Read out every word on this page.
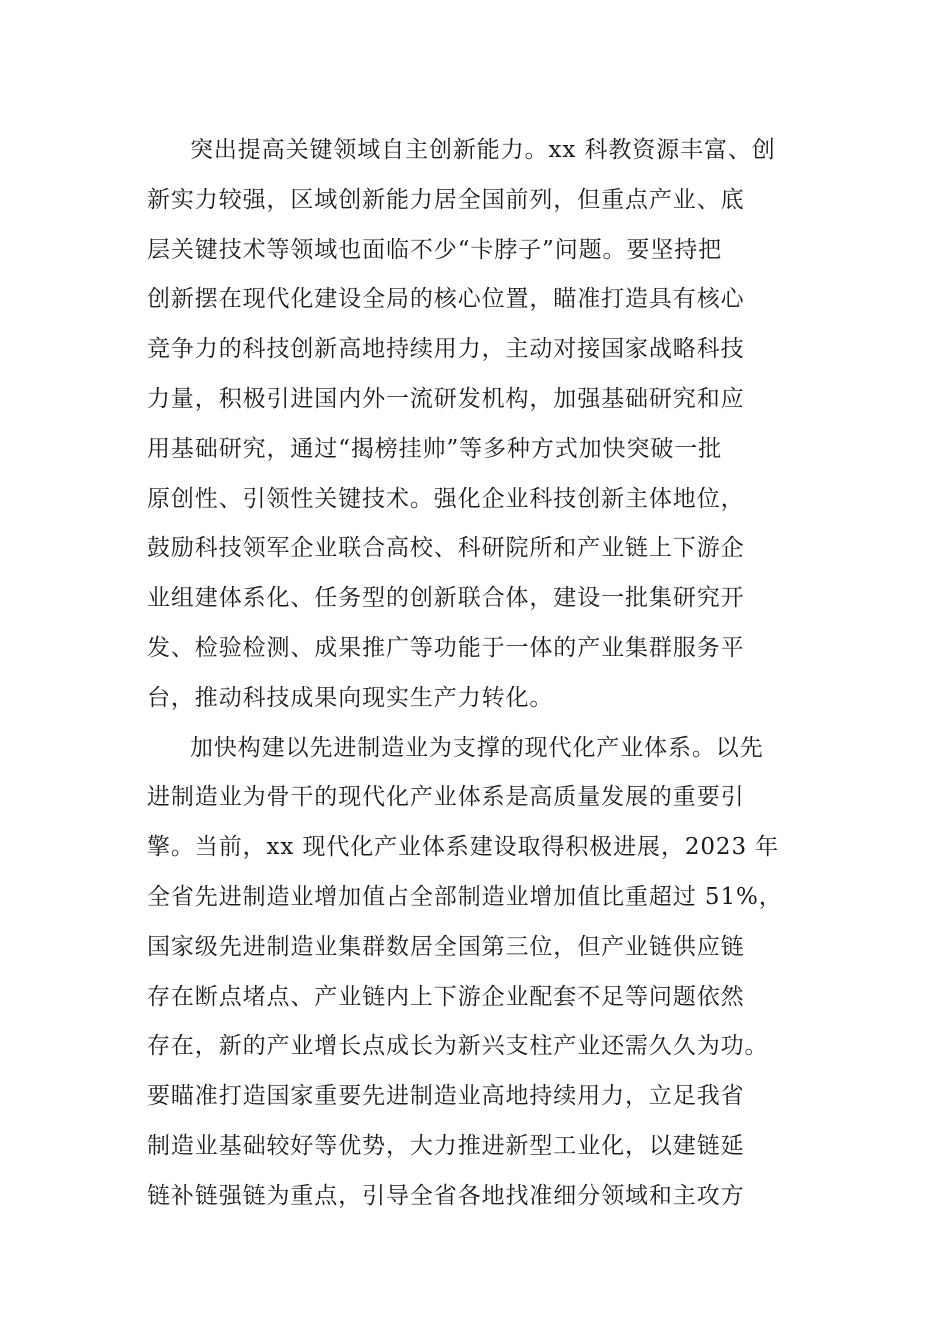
突出提高关键领域自主创新能力。xx 科教资源丰富、创
新实力较强，区域创新能力居全国前列，但重点产业、底
层关键技术等领域也面临不少“卡脖子”问题。要坚持把
创新摆在现代化建设全局的核心位置，瞄准打造具有核心
竞争力的科技创新高地持续用力，主动对接国家战略科技
力量，积极引进国内外一流研发机构，加强基础研究和应
用基础研究，通过“揭榜挂帅”等多种方式加快突破一批
原创性、引领性关键技术。强化企业科技创新主体地位，
鼓励科技领军企业联合高校、科研院所和产业链上下游企
业组建体系化、任务型的创新联合体，建设一批集研究开
发、检验检测、成果推广等功能于一体的产业集群服务平
台，推动科技成果向现实生产力转化。

加快构建以先进制造业为支撑的现代化产业体系。以先
进制造业为骨干的现代化产业体系是高质量发展的重要引
擎。当前，xx 现代化产业体系建设取得积极进展，2023 年
全省先进制造业增加值占全部制造业增加值比重超过 51%，
国家级先进制造业集群数居全国第三位，但产业链供应链
存在断点堵点、产业链内上下游企业配套不足等问题依然
存在，新的产业增长点成长为新兴支柱产业还需久久为功。
要瞄准打造国家重要先进制造业高地持续用力，立足我省
制造业基础较好等优势，大力推进新型工业化，以建链延
链补链强链为重点，引导全省各地找准细分领域和主攻方
